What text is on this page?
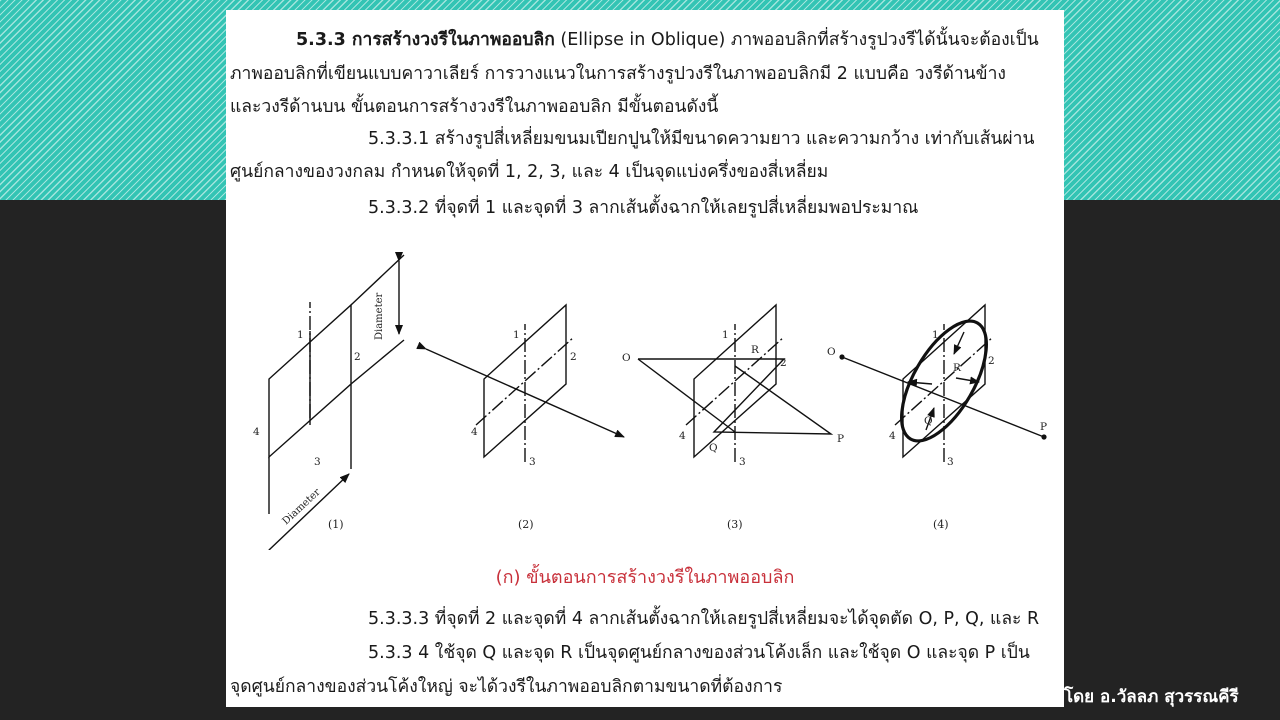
5.3.3 การสร้างวงรีในภาพออบลิก (Ellipse in Oblique) ภาพออบลิกที่สร้างรูปวงรีได้นั้นจะต้องเป็น
ภาพออบลิกที่เขียนแบบคาวาเลียร์ การวางแนวในการสร้างรูปวงรีในภาพออบลิกมี 2 แบบคือ วงรีด้านข้าง
และวงรีด้านบน ขั้นตอนการสร้างวงรีในภาพออบลิก มีขั้นตอนดังนี้
5.3.3.1 สร้างรูปสี่เหลี่ยมขนมเปียกปูนให้มีขนาดความยาว และความกว้าง เท่ากับเส้นผ่าน
ศูนย์กลางของวงกลม กำหนดให้จุดที่ 1, 2, 3, และ 4 เป็นจุดแบ่งครึ่งของสี่เหลี่ยม
5.3.3.2 ที่จุดที่ 1 และจุดที่ 3 ลากเส้นตั้งฉากให้เลยรูปสี่เหลี่ยมพอประมาณ
1
2
3
4
1
2
3
4
1
2
3
4
O
P
Q
R
1
2
3
4
O
P
Q
R
Diameter
Diameter (1)	(2)	(3)	(4)
(ก) ขั้นตอนการสร้างวงรีในภาพออบลิก
5.3.3.3 ที่จุดที่ 2 และจุดที่ 4 ลากเส้นตั้งฉากให้เลยรูปสี่เหลี่ยมจะได้จุดตัด O, P, Q, และ R
5.3.3 4 ใช้จุด Q และจุด R เป็นจุดศูนย์กลางของส่วนโค้งเล็ก และใช้จุด O และจุด P เป็น
จุดศูนย์กลางของส่วนโค้งใหญ่ จะได้วงรีในภาพออบลิกตามขนาดที่ต้องการ	โดย อ.วัลลภ สุวรรณคีรี
